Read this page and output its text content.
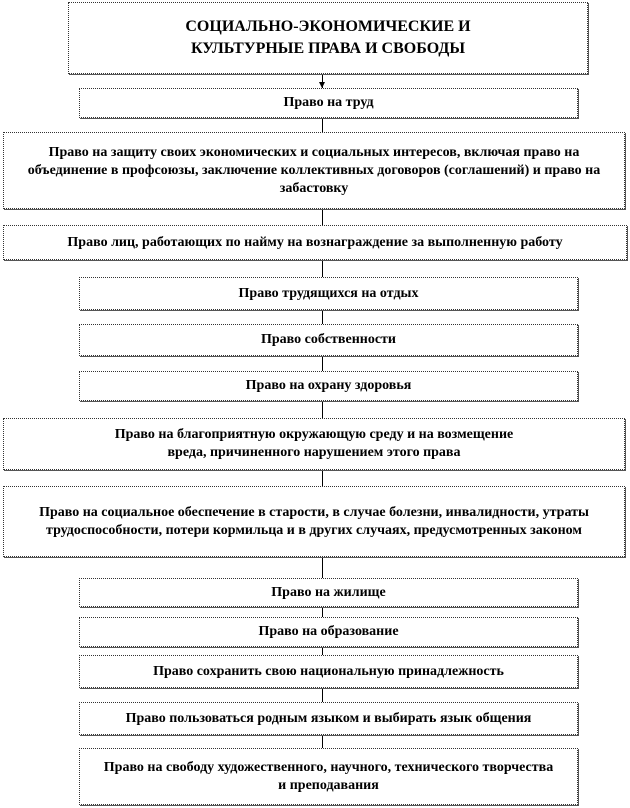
СОЦИАЛЬНО-ЭКОНОМИЧЕСКИЕ И КУЛЬТУРНЫЕ ПРАВА И СВОБОДЫ
Право на труд
Право на защиту своих экономических и социальных интересов, включая право на объединение в профсоюзы, заключение коллективных договоров (соглашений) и право на забастовку
Право лиц, работающих по найму на вознаграждение за выполненную работу
Право трудящихся на отдых
Право собственности
Право на охрану здоровья
Право на благоприятную окружающую среду и на возмещение вреда, причиненного нарушением этого права
Право на социальное обеспечение в старости, в случае болезни, инвалидности, утраты трудоспособности, потери кормильца и в других случаях, предусмотренных законом
Право на жилище
Право на образование
Право сохранить свою национальную принадлежность
Право пользоваться родным языком и выбирать язык общения
Право на свободу художественного, научного, технического творчества и преподавания
